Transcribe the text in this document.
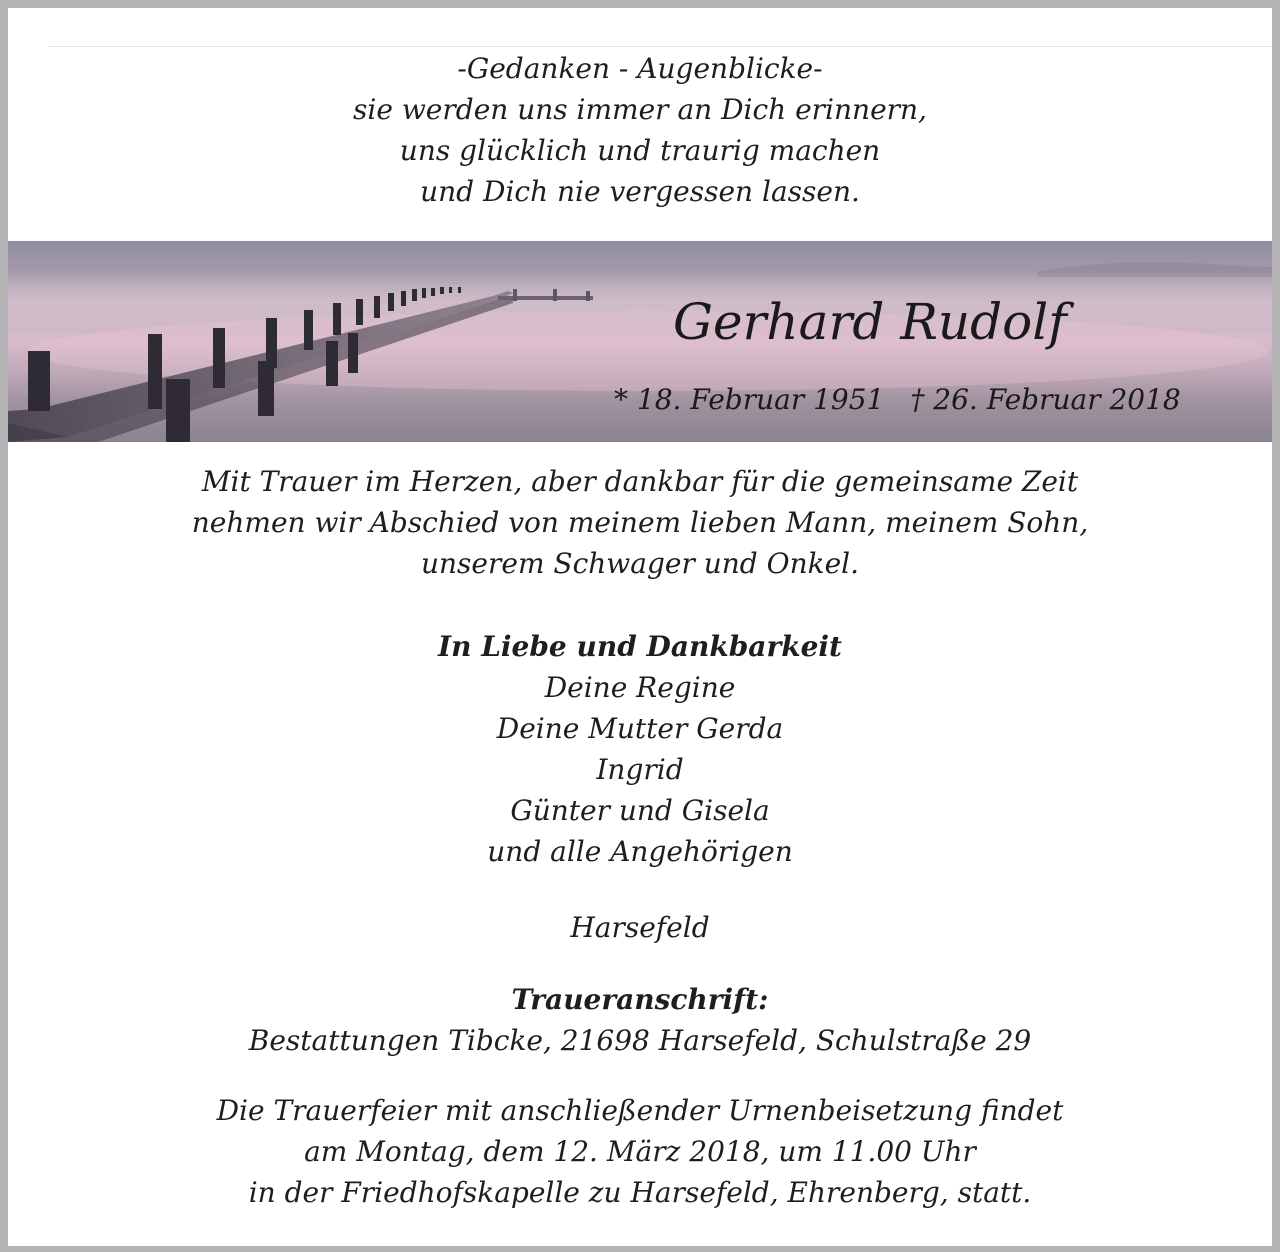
-Gedanken - Augenblicke-
sie werden uns immer an Dich erinnern,
uns glücklich und traurig machen
und Dich nie vergessen lassen.
Gerhard Rudolf
* 18. Februar 1951 † 26. Februar 2018
Mit Trauer im Herzen, aber dankbar für die gemeinsame Zeit
nehmen wir Abschied von meinem lieben Mann, meinem Sohn,
unserem Schwager und Onkel.
In Liebe und Dankbarkeit
Deine Regine
Deine Mutter Gerda
Ingrid
Günter und Gisela
und alle Angehörigen
Harsefeld
Traueranschrift:
Bestattungen Tibcke, 21698 Harsefeld, Schulstraße 29
Die Trauerfeier mit anschließender Urnenbeisetzung findet
am Montag, dem 12. März 2018, um 11.00 Uhr
in der Friedhofskapelle zu Harsefeld, Ehrenberg, statt.
